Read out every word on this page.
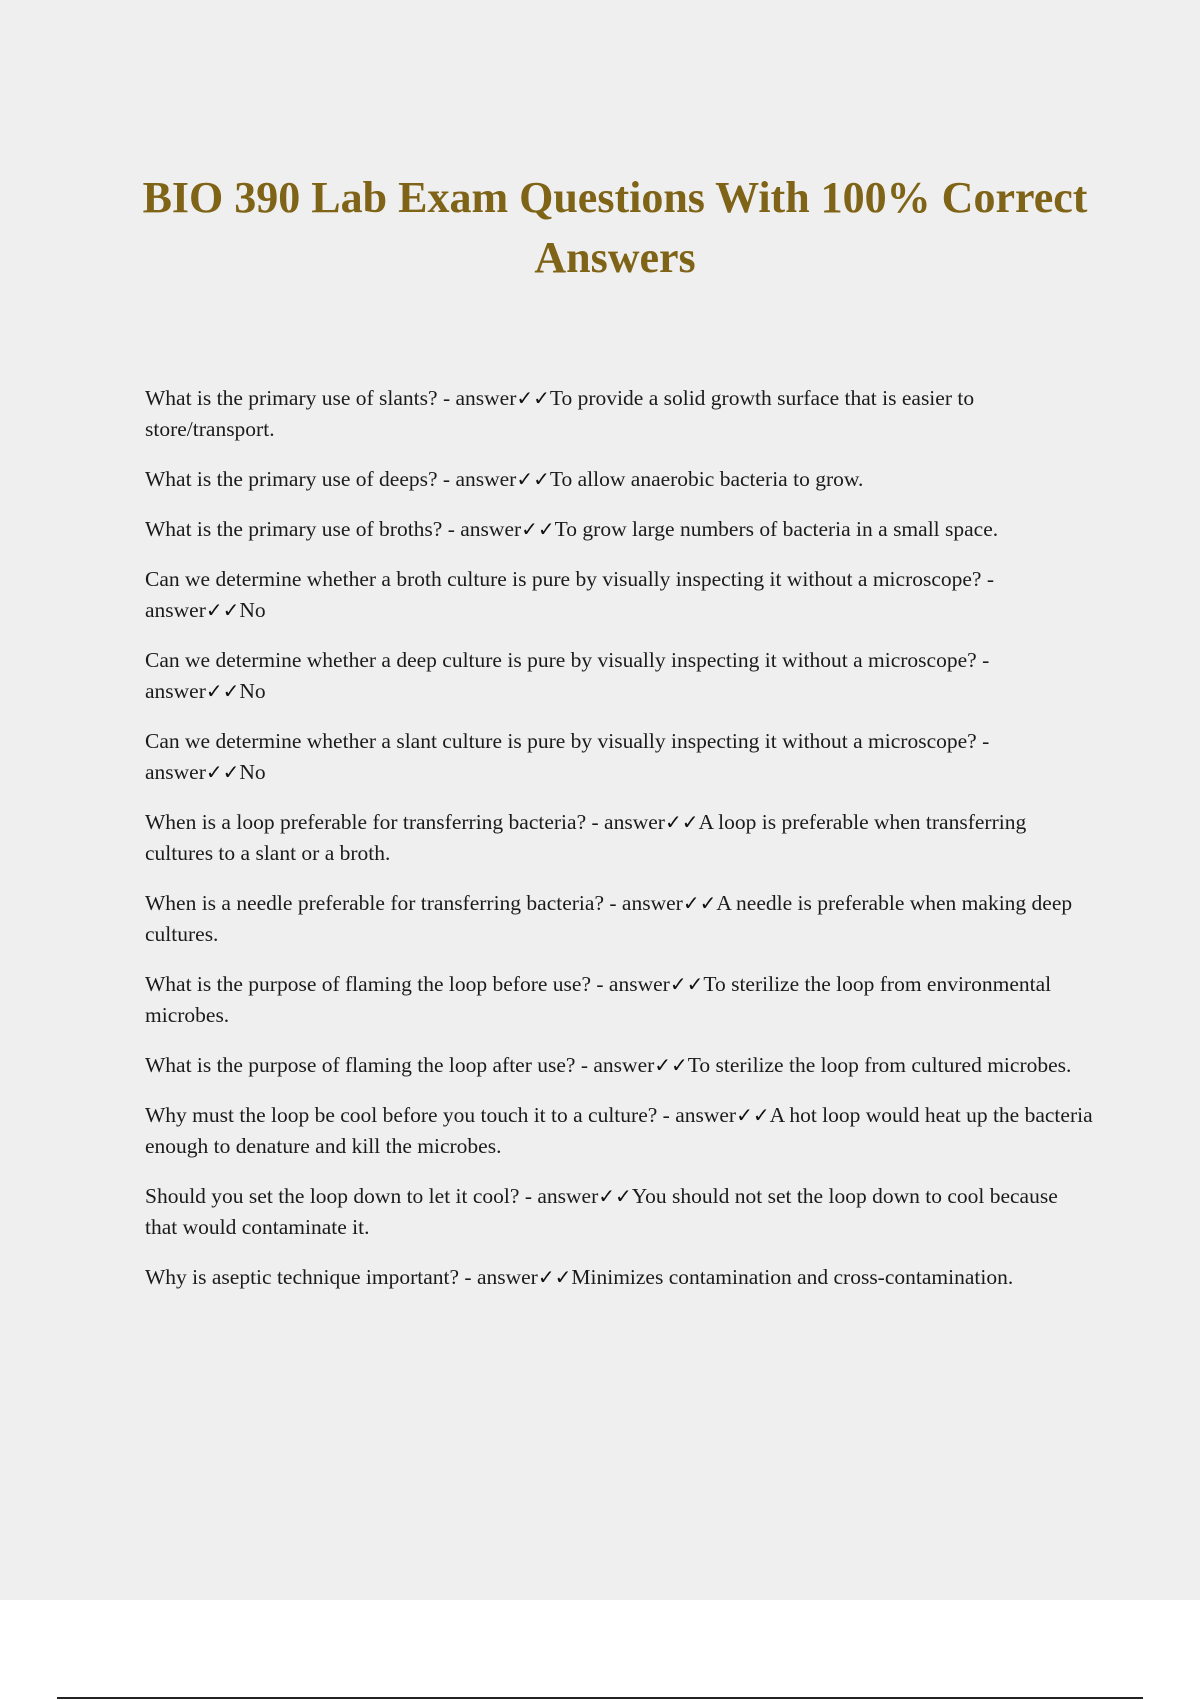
BIO 390 Lab Exam Questions With 100% Correct Answers
What is the primary use of slants? - answer✓✓To provide a solid growth surface that is easier to store/transport.
What is the primary use of deeps? - answer✓✓To allow anaerobic bacteria to grow.
What is the primary use of broths? - answer✓✓To grow large numbers of bacteria in a small space.
Can we determine whether a broth culture is pure by visually inspecting it without a microscope? - answer✓✓No
Can we determine whether a deep culture is pure by visually inspecting it without a microscope? - answer✓✓No
Can we determine whether a slant culture is pure by visually inspecting it without a microscope? - answer✓✓No
When is a loop preferable for transferring bacteria? - answer✓✓A loop is preferable when transferring cultures to a slant or a broth.
When is a needle preferable for transferring bacteria? - answer✓✓A needle is preferable when making deep cultures.
What is the purpose of flaming the loop before use? - answer✓✓To sterilize the loop from environmental microbes.
What is the purpose of flaming the loop after use? - answer✓✓To sterilize the loop from cultured microbes.
Why must the loop be cool before you touch it to a culture? - answer✓✓A hot loop would heat up the bacteria enough to denature and kill the microbes.
Should you set the loop down to let it cool? - answer✓✓You should not set the loop down to cool because that would contaminate it.
Why is aseptic technique important? - answer✓✓Minimizes contamination and cross-contamination.
